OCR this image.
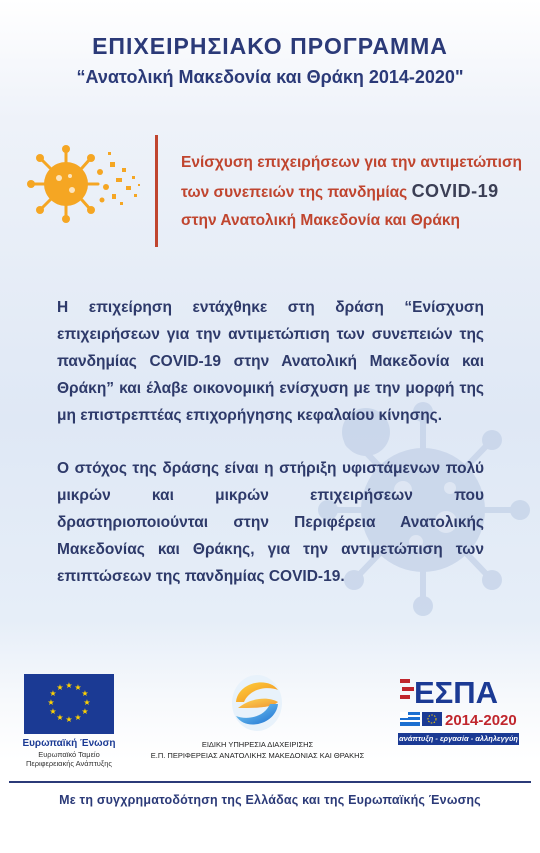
ΕΠΙΧΕΙΡΗΣΙΑΚΟ ΠΡΟΓΡΑΜΜΑ
“Ανατολική Μακεδονία και Θράκη 2014-2020"
Ενίσχυση επιχειρήσεων για την αντιμετώπιση
των συνεπειών της πανδημίας COVID-19
στην Ανατολική Μακεδονία και Θράκη

Η επιχείρηση εντάχθηκε στη δράση “Ενίσχυση επιχειρήσεων για την αντιμετώπιση των συνεπειών της πανδημίας COVID-19 στην Ανατολική Μακεδονία και Θράκη” και έλαβε οικονομική ενίσχυση με την μορφή της μη επιστρεπτέας επιχορήγησης κεφαλαίου κίνησης.

Ο στόχος της δράσης είναι η στήριξη υφιστάμενων πολύ μικρών και μικρών επιχειρήσεων που δραστηριοποιούνται στην Περιφέρεια Ανατολικής Μακεδονίας και Θράκης, για την αντιμετώπιση των επιπτώσεων της πανδημίας COVID-19.

★ ★
★
★
★
★
★
★
★
★
★
★
Ευρωπαϊκή Ένωση
Ευρωπαϊκό Ταμείο
Περιφερειακής Ανάπτυξης
ΕΙΔΙΚΗ ΥΠΗΡΕΣΙΑ ΔΙΑΧΕΙΡΙΣΗΣ
Ε.Π. ΠΕΡΙΦΕΡΕΙΑΣ ΑΝΑΤΟΛΙΚΗΣ ΜΑΚΕΔΟΝΙΑΣ ΚΑΙ ΘΡΑΚΗΣ
ΕΣΠΑ
2014-2020
ανάπτυξη - εργασία - αλληλεγγύη
Με τη συγχρηματοδότηση της Ελλάδας και της Ευρωπαϊκής Ένωσης
